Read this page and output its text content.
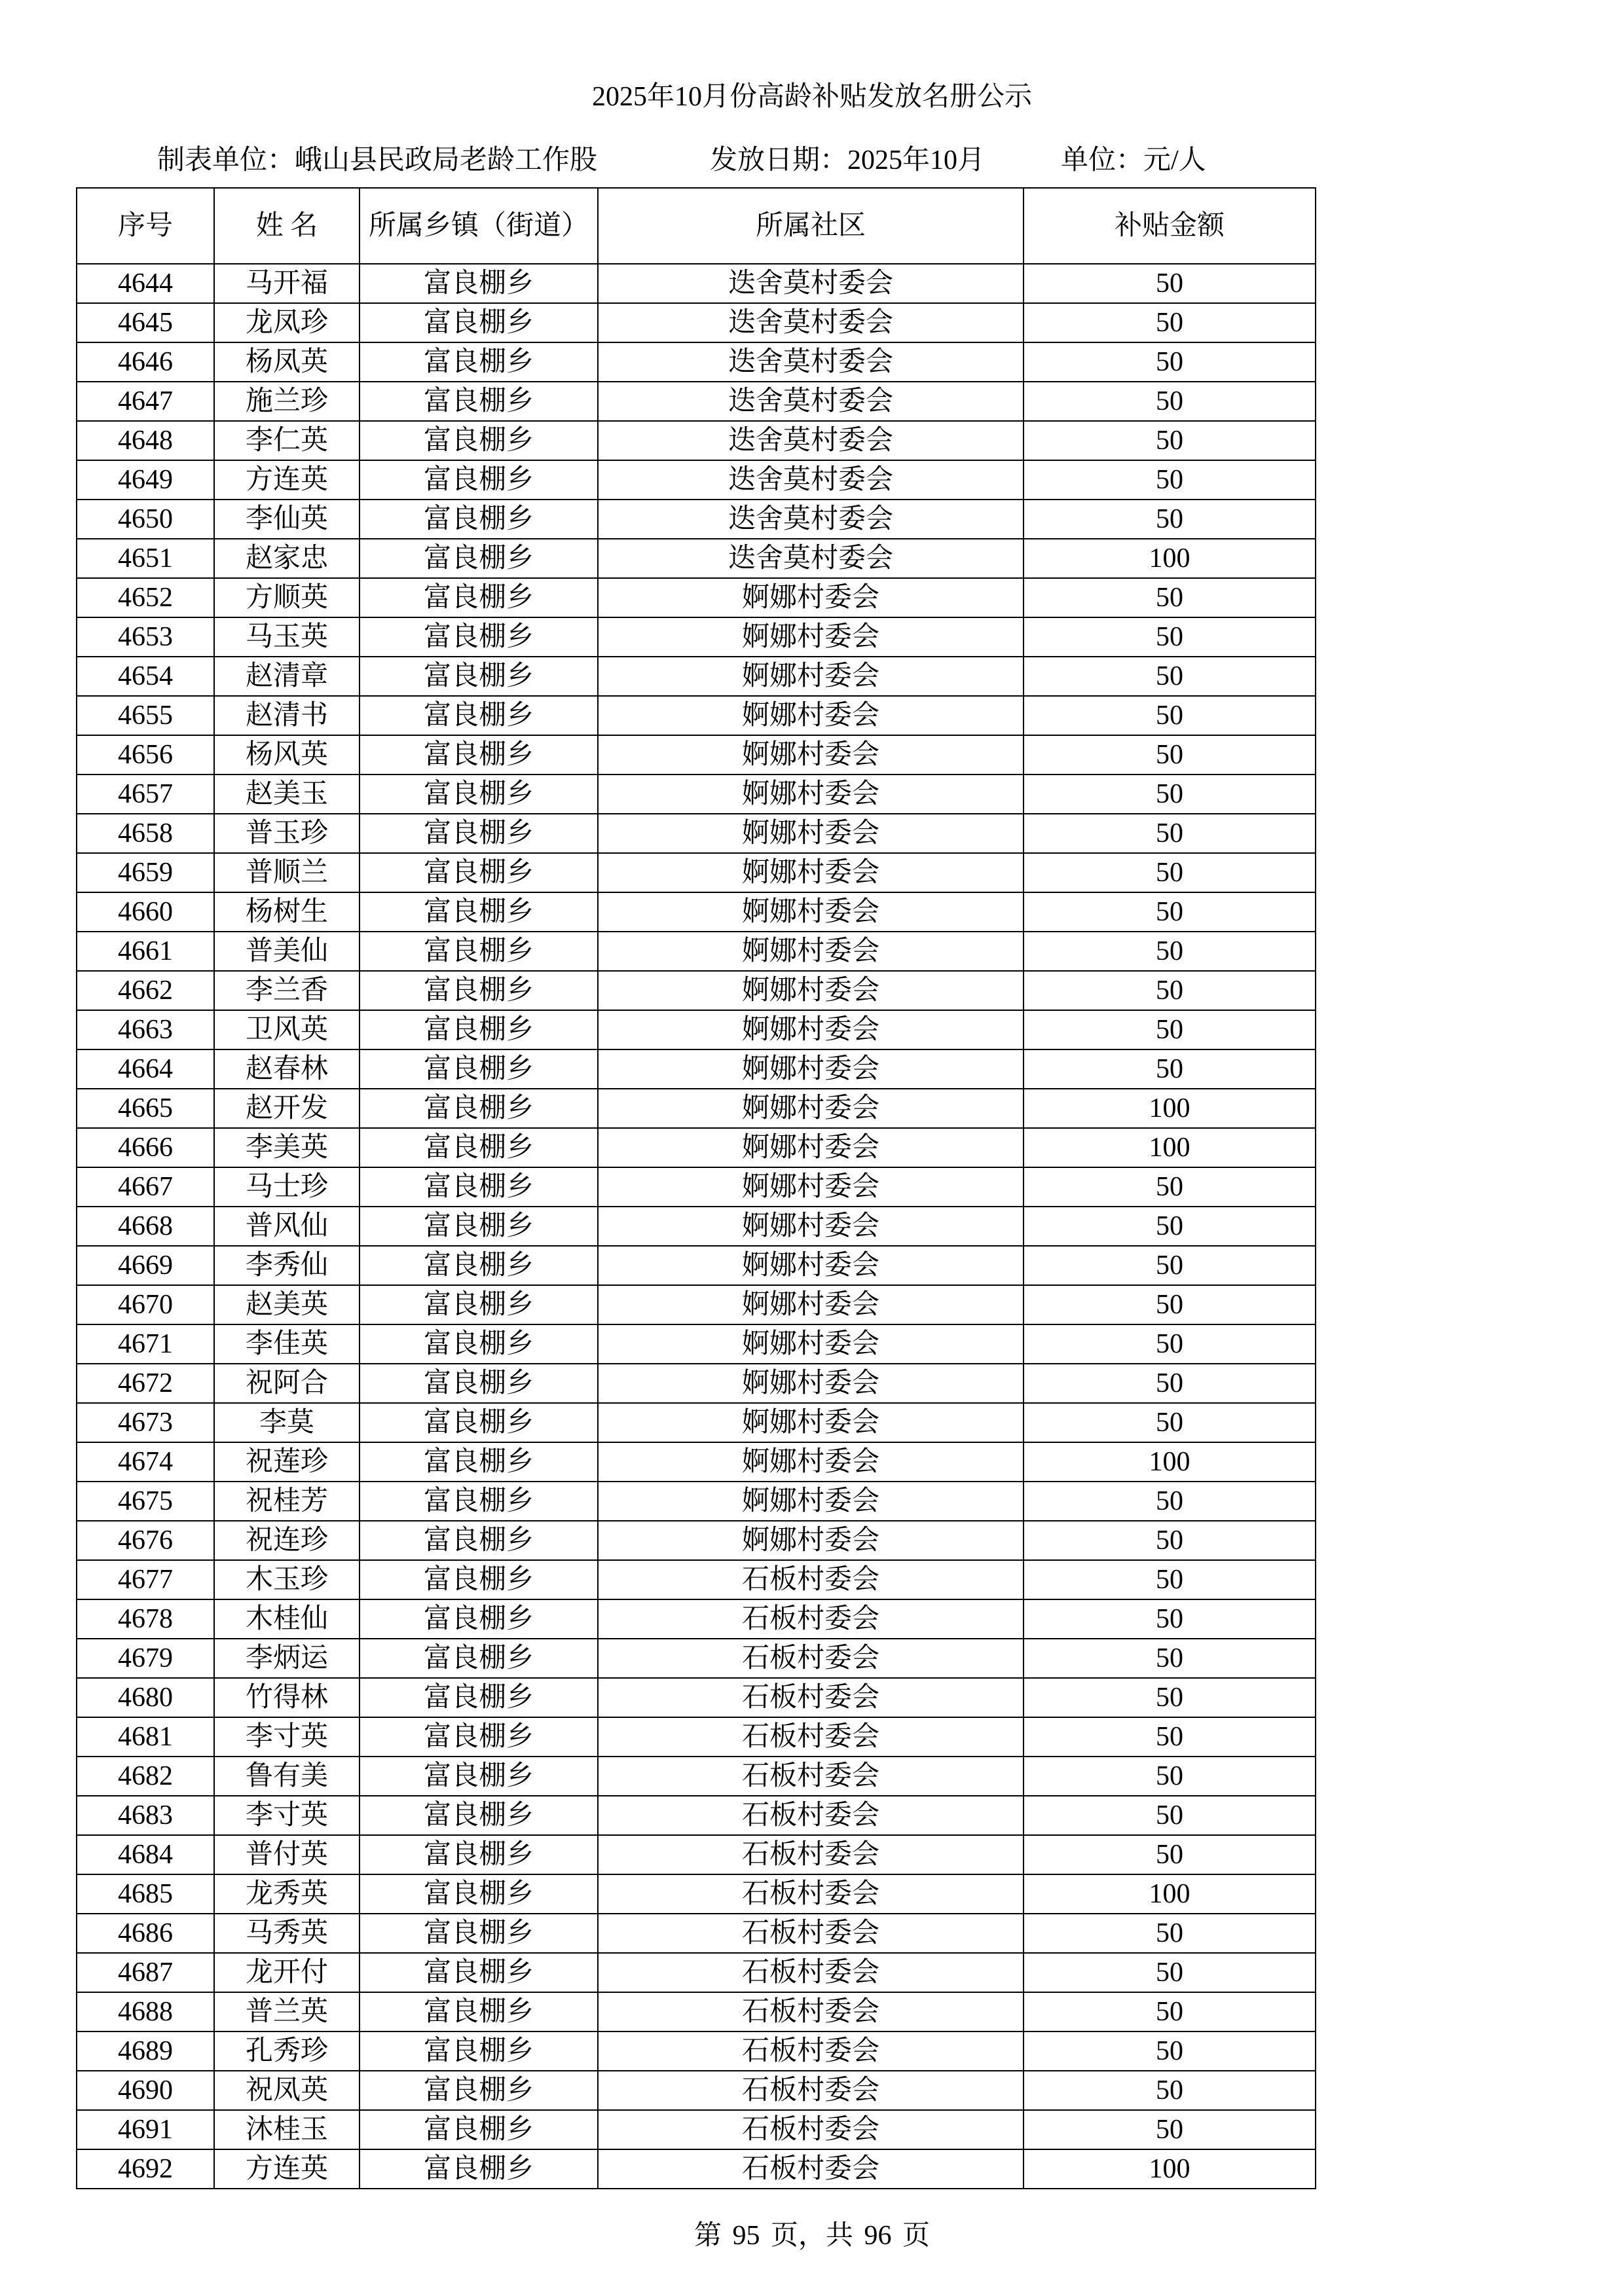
2025年10月份高龄补贴发放名册公示
制表单位：峨山县民政局老龄工作股	发放日期：2025年10月	单位：元/人
序号	姓 名	所属乡镇（街道）	所属社区	补贴金额
4644	马开福	富良棚乡	迭舍莫村委会	50
4645	龙凤珍	富良棚乡	迭舍莫村委会	50
4646	杨凤英	富良棚乡	迭舍莫村委会	50
4647	施兰珍	富良棚乡	迭舍莫村委会	50
4648	李仁英	富良棚乡	迭舍莫村委会	50
4649	方连英	富良棚乡	迭舍莫村委会	50
4650	李仙英	富良棚乡	迭舍莫村委会	50
4651	赵家忠	富良棚乡	迭舍莫村委会	100
4652	方顺英	富良棚乡	婀娜村委会	50
4653	马玉英	富良棚乡	婀娜村委会	50
4654	赵清章	富良棚乡	婀娜村委会	50
4655	赵清书	富良棚乡	婀娜村委会	50
4656	杨风英	富良棚乡	婀娜村委会	50
4657	赵美玉	富良棚乡	婀娜村委会	50
4658	普玉珍	富良棚乡	婀娜村委会	50
4659	普顺兰	富良棚乡	婀娜村委会	50
4660	杨树生	富良棚乡	婀娜村委会	50
4661	普美仙	富良棚乡	婀娜村委会	50
4662	李兰香	富良棚乡	婀娜村委会	50
4663	卫风英	富良棚乡	婀娜村委会	50
4664	赵春林	富良棚乡	婀娜村委会	50
4665	赵开发	富良棚乡	婀娜村委会	100
4666	李美英	富良棚乡	婀娜村委会	100
4667	马士珍	富良棚乡	婀娜村委会	50
4668	普风仙	富良棚乡	婀娜村委会	50
4669	李秀仙	富良棚乡	婀娜村委会	50
4670	赵美英	富良棚乡	婀娜村委会	50
4671	李佳英	富良棚乡	婀娜村委会	50
4672	祝阿合	富良棚乡	婀娜村委会	50
4673	李莫	富良棚乡	婀娜村委会	50
4674	祝莲珍	富良棚乡	婀娜村委会	100
4675	祝桂芳	富良棚乡	婀娜村委会	50
4676	祝连珍	富良棚乡	婀娜村委会	50
4677	木玉珍	富良棚乡	石板村委会	50
4678	木桂仙	富良棚乡	石板村委会	50
4679	李炳运	富良棚乡	石板村委会	50
4680	竹得林	富良棚乡	石板村委会	50
4681	李寸英	富良棚乡	石板村委会	50
4682	鲁有美	富良棚乡	石板村委会	50
4683	李寸英	富良棚乡	石板村委会	50
4684	普付英	富良棚乡	石板村委会	50
4685	龙秀英	富良棚乡	石板村委会	100
4686	马秀英	富良棚乡	石板村委会	50
4687	龙开付	富良棚乡	石板村委会	50
4688	普兰英	富良棚乡	石板村委会	50
4689	孔秀珍	富良棚乡	石板村委会	50
4690	祝凤英	富良棚乡	石板村委会	50
4691	沐桂玉	富良棚乡	石板村委会	50
4692	方连英	富良棚乡	石板村委会	100
第 95 页，共 96 页
